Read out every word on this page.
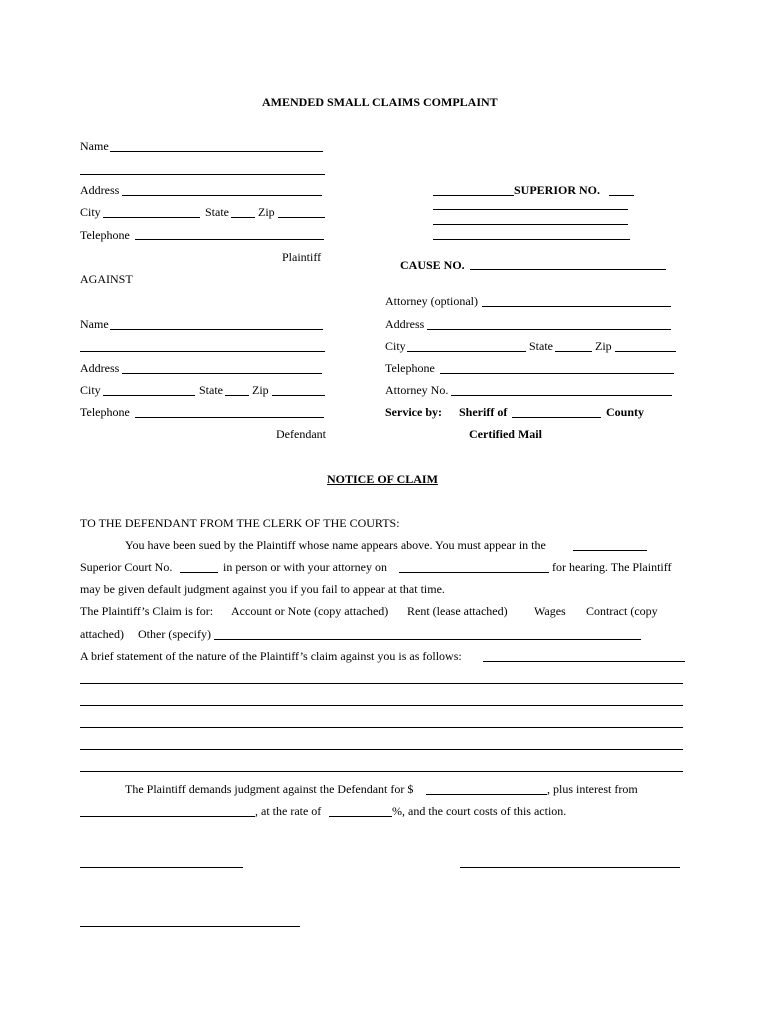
AMENDED SMALL CLAIMS COMPLAINT
Name
Address
City	State Zip
Telephone
Plaintiff
AGAINST
Name
Address
City	State Zip
Telephone
Defendant
SUPERIOR NO.
CAUSE NO.
Attorney (optional)
Address
City	State	Zip
Telephone
Attorney No.
Service by: Sheriff of	County
Certified Mail
NOTICE OF CLAIM
TO THE DEFENDANT FROM THE CLERK OF THE COURTS:
You have been sued by the Plaintiff whose name appears above. You must appear in the
Superior Court No.	in person or with your attorney on	for hearing. The Plaintiff
may be given default judgment against you if you fail to appear at that time.
The Plaintiff’s Claim is for: Account or Note (copy attached) Rent (lease attached) Wages Contract (copy
attached) Other (specify)
A brief statement of the nature of the Plaintiff’s claim against you is as follows:
The Plaintiff demands judgment against the Defendant for $	, plus interest from
, at the rate of	%, and the court costs of this action.
